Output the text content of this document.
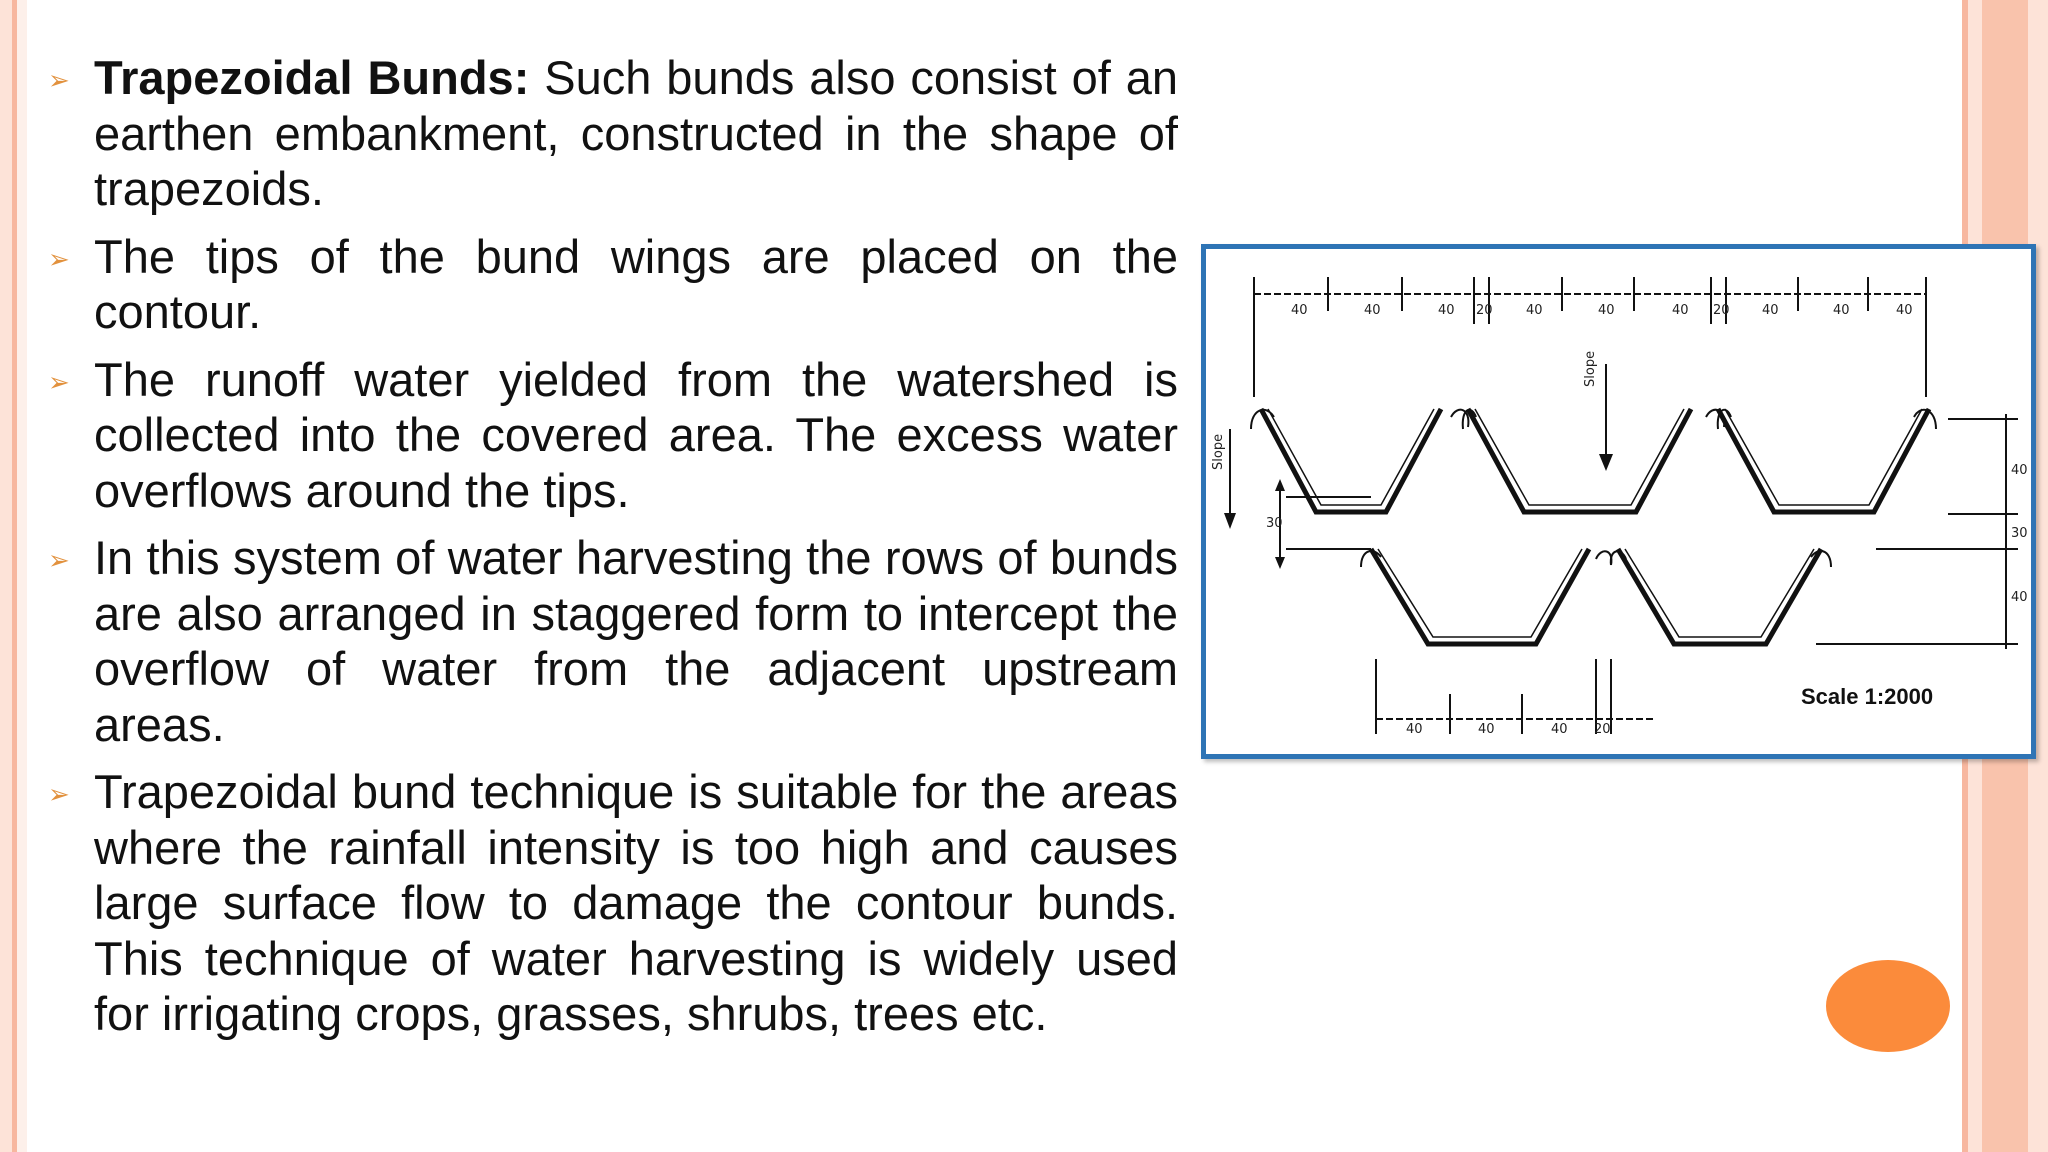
➢ Trapezoidal Bunds: Such bunds also consist of an earthen embankment, constructed in the shape of trapezoids.
➢ The tips of the bund wings are placed on the contour.
➢ The runoff water yielded from the watershed is collected into the covered area. The excess water overflows around the tips.
➢ In this system of water harvesting the rows of bunds are also arranged in staggered form to intercept the overflow of water from the adjacent upstream areas.
➢ Trapezoidal bund technique is suitable for the areas where the rainfall intensity is too high and causes large surface flow to damage the contour bunds. This technique of water harvesting is widely used for irrigating crops, grasses, shrubs, trees etc.
40	40	40 20	40	40	40 20 40	40	40
40	40	40 20
40
30
40
30
Slope
Slope
Scale 1:2000
